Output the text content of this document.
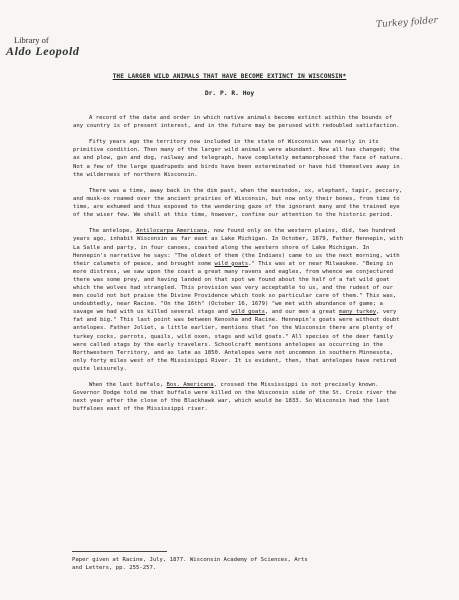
Library of
Aldo Leopold
Turkey folder
THE LARGER WILD ANIMALS THAT HAVE BECOME EXTINCT IN WISCONSIN*
Dr. P. R. Hoy

A record of the date and order in which native animals become extinct within the bounds of any country is of present interest, and in the future may be perused with redoubled satisfaction.

Fifty years ago the territory now included in the state of Wisconsin was nearly in its primitive condition. Then many of the larger wild animals were abundant. Now all has changed; the ax and plow, gun and dog, railway and telegraph, have completely metamorphosed the face of nature. Not a few of the large quadrupeds and birds have been exterminated or have hid themselves away in the wilderness of northern Wisconsin.

There was a time, away back in the dim past, when the mastodon, ox, elephant, tapir, peccary, and musk-ox roamed over the ancient prairies of Wisconsin, but now only their bones, from time to time, are exhumed and thus exposed to the wondering gaze of the ignorant many and the trained eye of the wiser few. We shall at this time, however, confine our attention to the historic period.

The antelope, Antilocarpa Americana, now found only on the western plains, did, two hundred years ago, inhabit Wisconsin as far east as Lake Michigan. In October, 1679, Father Hennepin, with La Salle and party, in four canoes, coasted along the western shore of Lake Michigan. In Hennepin's narrative he says: "The oldest of them (the Indians) came to us the next morning, with their calumets of peace, and brought some wild goats." This was at or near Milwaukee. "Being in more distress, we saw upon the coast a great many ravens and eagles, from whence we conjectured there was some prey, and having landed on that spot we found about the half of a fat wild goat which the wolves had strangled. This provision was very acceptable to us, and the rudest of our men could not but praise the Divine Providence which took so particular care of them." This was, undoubtedly, near Racine. "On the 16th" (October 16, 1679) "we met with abundance of game; a savage we had with us killed several stags and wild goats, and our men a great many turkey, very fat and big." This last point was between Kenosha and Racine. Hennepin's goats were without doubt antelopes. Father Joliet, a little earlier, mentions that "on the Wisconsin there are plenty of turkey cocks, parrots, quails, wild oxen, stags and wild goats." All species of the deer family were called stags by the early travelers. Schoolcraft mentions antelopes as occurring in the Northwestern Territory, and as late as 1850. Antelopes were not uncommon in southern Minnesota, only forty miles west of the Mississippi River. It is evident, then, that antelopes have retired quite leisurely.

When the last buffalo, Bos. Americana, crossed the Mississippi is not precisely known. Governor Dodge told me that buffalo were killed on the Wisconsin side of the St. Croix river the next year after the close of the Blackhawk war, which would be 1833. So Wisconsin had the last buffaloes east of the Mississippi river.

Paper given at Racine, July, 1877. Wisconsin Academy of Sciences, Arts
and Letters, pp. 255-257.
